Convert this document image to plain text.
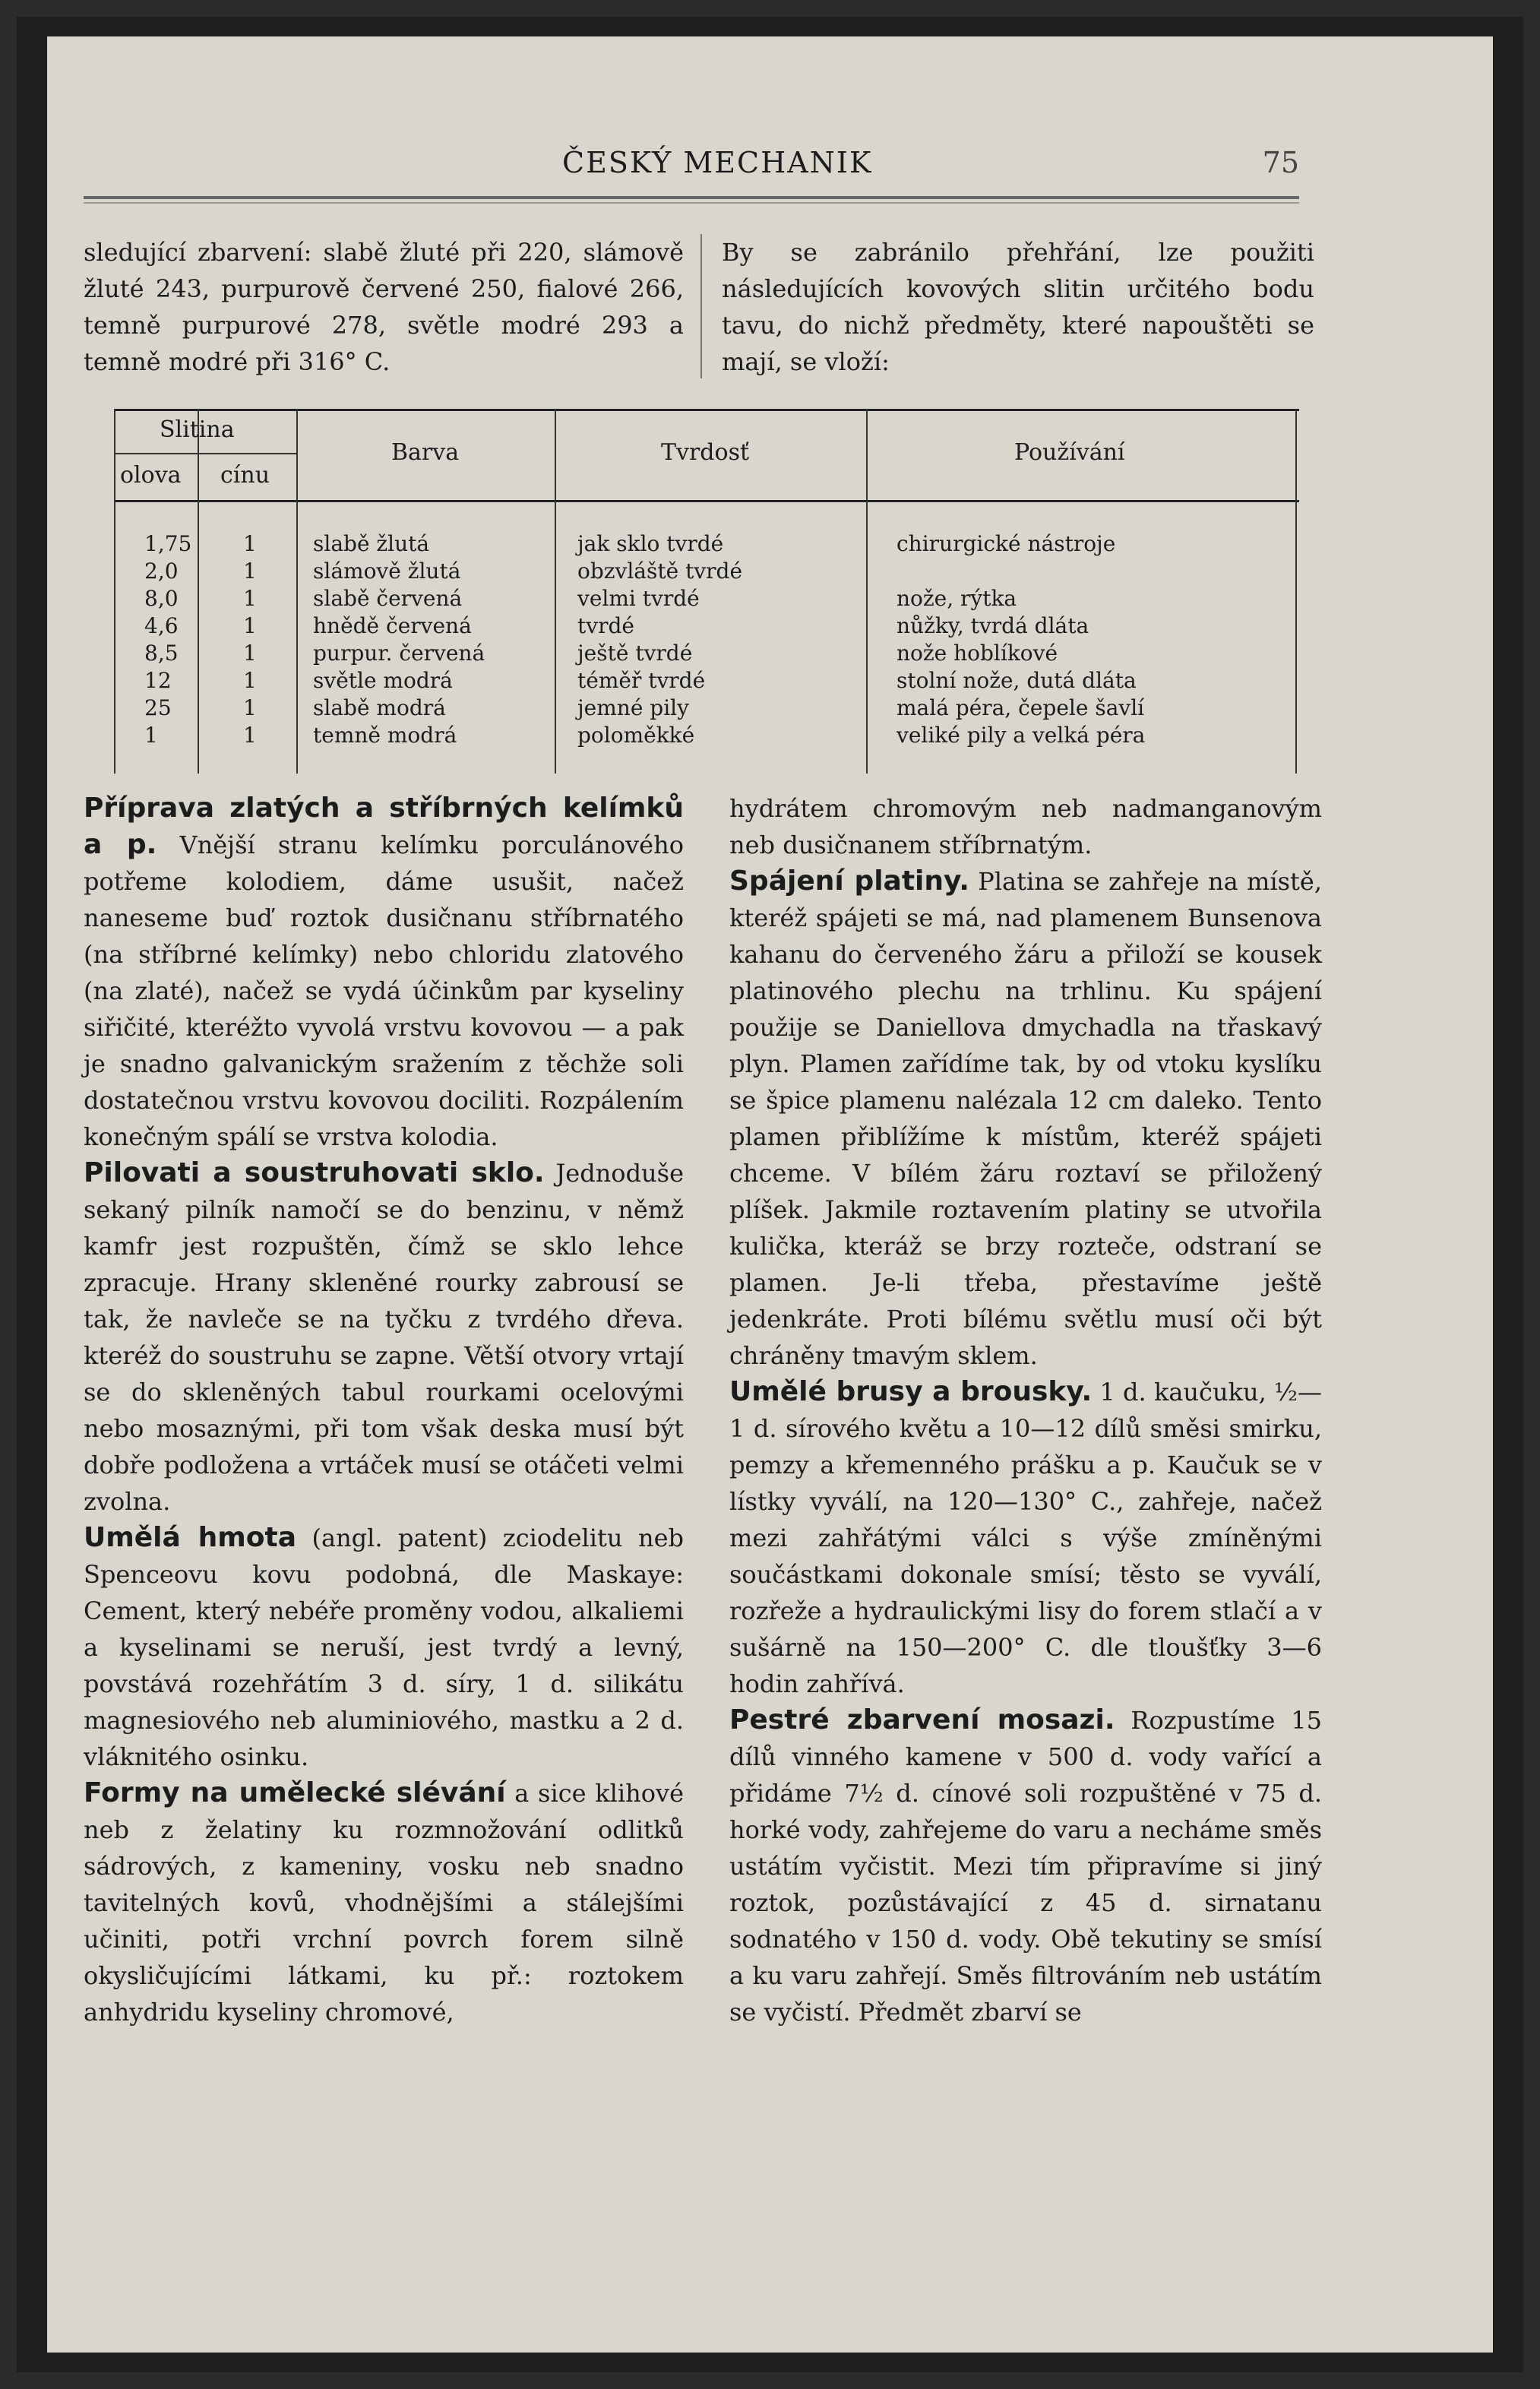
ČESKÝ MECHANIK	75

sledující zbarvení: slabě žluté při 220, slámově žluté 243, purpurově červené 250, fialové 266, temně purpurové 278, světle modré 293 a temně modré při 316° C.

By se zabránilo přehřání, lze použiti následujících kovových slitin určitého bodu tavu, do nichž předměty, které napouštěti se mají, se vloží:

Slitina
olova cínu
Barva	Tvrdosť	Používání
1,75 1	slabě žlutá	jak sklo tvrdé	chirurgické nástroje
2,0	1	slámově žlutá	obzvláště tvrdé
8,0	1	slabě červená	velmi tvrdé	nože, rýtka
4,6	1	hnědě červená	tvrdé	nůžky, tvrdá dláta
8,5	1	purpur. červená	ještě tvrdé	nože hoblíkové
12	1	světle modrá	téměř tvrdé	stolní nože, dutá dláta
25	1	slabě modrá	jemné pily	malá péra, čepele šavlí
1	1	temně modrá	poloměkké	veliké pily a velká péra

Příprava zlatých a stříbrných kelímků a p. Vnější stranu kelímku porculánového potřeme kolodiem, dáme usušit, načež naneseme buď roztok dusičnanu stříbrnatého (na stříbrné kelímky) nebo chloridu zlatového (na zlaté), načež se vydá účinkům par kyseliny siřičité, kteréžto vyvolá vrstvu kovovou — a pak je snadno galvanickým sražením z těchže soli dostatečnou vrstvu kovovou dociliti. Rozpálením konečným spálí se vrstva kolodia.

Pilovati a soustruhovati sklo. Jednoduše sekaný pilník namočí se do benzinu, v němž kamfr jest rozpuštěn, čímž se sklo lehce zpracuje. Hrany skleněné rourky zabrousí se tak, že navleče se na tyčku z tvrdého dřeva. kteréž do soustruhu se zapne. Větší otvory vrtají se do skleněných tabul rourkami ocelovými nebo mosaznými, při tom však deska musí být dobře podložena a vrtáček musí se otáčeti velmi zvolna.

Umělá hmota (angl. patent) zciodelitu neb Spenceovu kovu podobná, dle Maskaye: Cement, který nebéře proměny vodou, alkaliemi a kyselinami se neruší, jest tvrdý a levný, povstává rozehřátím 3 d. síry, 1 d. silikátu magnesiového neb aluminiového, mastku a 2 d. vláknitého osinku.

Formy na umělecké slévání a sice klihové neb z želatiny ku rozmnožování odlitků sádrových, z kameniny, vosku neb snadno tavitelných kovů, vhodnějšími a stálejšími učiniti, potři vrchní povrch forem silně okysličujícími látkami, ku př.: roztokem anhydridu kyseliny chromové,

hydrátem chromovým neb nadmanganovým neb dusičnanem stříbrnatým.

Spájení platiny. Platina se zahřeje na místě, kteréž spájeti se má, nad plamenem Bunsenova kahanu do červeného žáru a přiloží se kousek platinového plechu na trhlinu. Ku spájení použije se Daniellova dmychadla na třaskavý plyn. Plamen zařídíme tak, by od vtoku kyslíku se špice plamenu nalézala 12 cm daleko. Tento plamen přiblížíme k místům, kteréž spájeti chceme. V bílém žáru roztaví se přiložený plíšek. Jakmile roztavením platiny se utvořila kulička, kteráž se brzy rozteče, odstraní se plamen. Je-li třeba, přestavíme ještě jedenkráte. Proti bílému světlu musí oči být chráněny tmavým sklem.

Umělé brusy a brousky. 1 d. kaučuku, ½—1 d. sírového květu a 10—12 dílů směsi smirku, pemzy a křemenného prášku a p. Kaučuk se v lístky vyválí, na 120—130° C., zahřeje, načež mezi zahřátými válci s výše zmíněnými součástkami dokonale smísí; těsto se vyválí, rozřeže a hydraulickými lisy do forem stlačí a v sušárně na 150—200° C. dle tloušťky 3—6 hodin zahřívá.

Pestré zbarvení mosazi. Rozpustíme 15 dílů vinného kamene v 500 d. vody vařící a přidáme 7½ d. cínové soli rozpuštěné v 75 d. horké vody, zahřejeme do varu a necháme směs ustátím vyčistit. Mezi tím připravíme si jiný roztok, pozůstávající z 45 d. sirnatanu sodnatého v 150 d. vody. Obě tekutiny se smísí a ku varu zahřejí. Směs filtrováním neb ustátím se vyčistí. Předmět zbarví se
